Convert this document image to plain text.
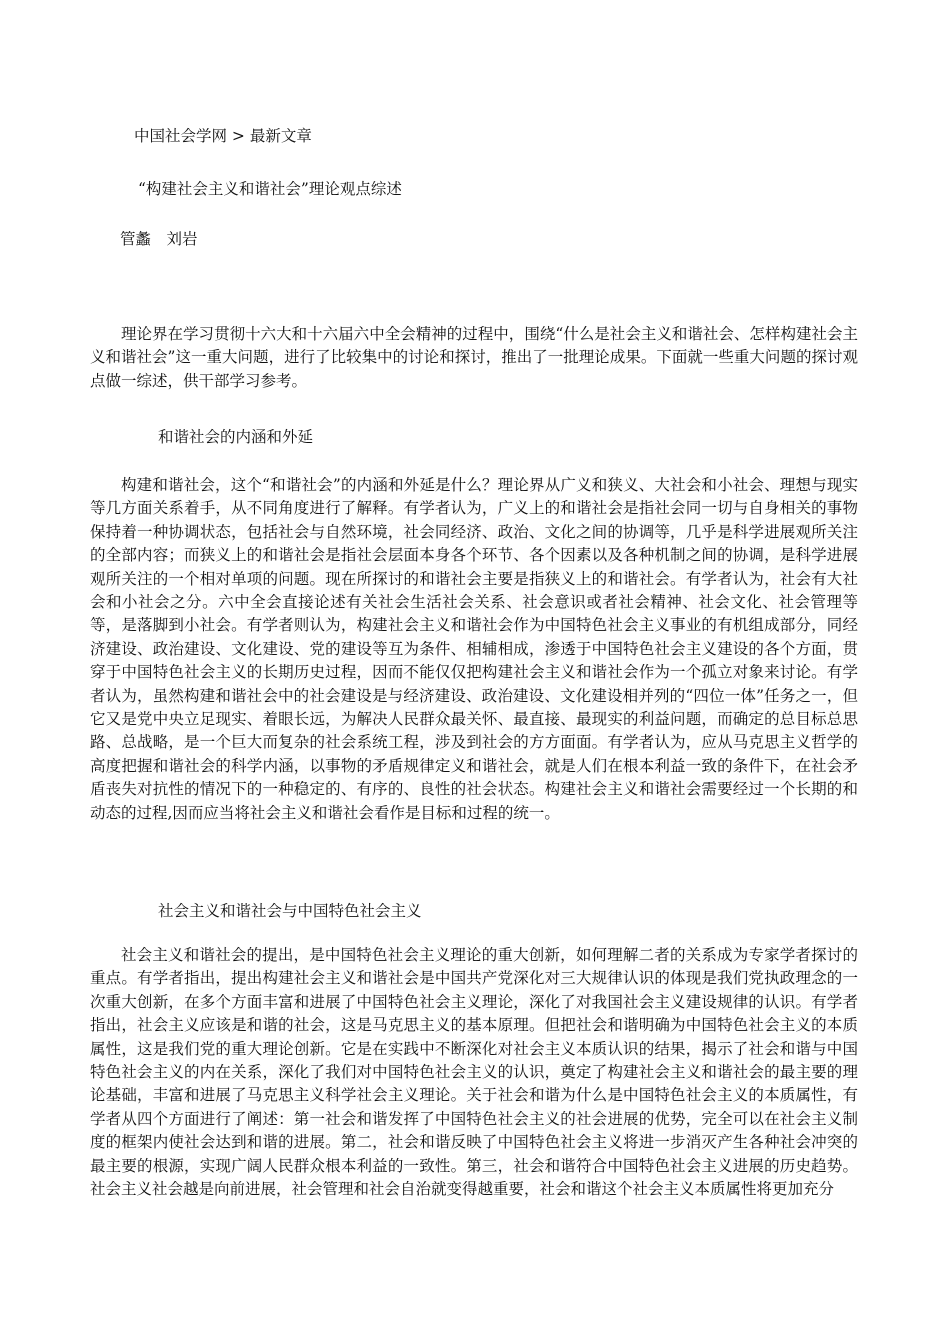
中国社会学网 > 最新文章

“构建社会主义和谐社会”理论观点综述

管蠡　刘岩

理论界在学习贯彻十六大和十六届六中全会精神的过程中，围绕“什么是社会主义和谐社会、怎样构建社会主义和谐社会”这一重大问题，进行了比较集中的讨论和探讨，推出了一批理论成果。下面就一些重大问题的探讨观点做一综述，供干部学习参考。

和谐社会的内涵和外延

构建和谐社会，这个“和谐社会”的内涵和外延是什么？理论界从广义和狭义、大社会和小社会、理想与现实等几方面关系着手，从不同角度进行了解释。有学者认为，广义上的和谐社会是指社会同一切与自身相关的事物保持着一种协调状态，包括社会与自然环境，社会同经济、政治、文化之间的协调等，几乎是科学进展观所关注的全部内容；而狭义上的和谐社会是指社会层面本身各个环节、各个因素以及各种机制之间的协调，是科学进展观所关注的一个相对单项的问题。现在所探讨的和谐社会主要是指狭义上的和谐社会。有学者认为，社会有大社会和小社会之分。六中全会直接论述有关社会生活社会关系、社会意识或者社会精神、社会文化、社会管理等等，是落脚到小社会。有学者则认为，构建社会主义和谐社会作为中国特色社会主义事业的有机组成部分，同经济建设、政治建设、文化建设、党的建设等互为条件、相辅相成，渗透于中国特色社会主义建设的各个方面，贯穿于中国特色社会主义的长期历史过程，因而不能仅仅把构建社会主义和谐社会作为一个孤立对象来讨论。有学者认为，虽然构建和谐社会中的社会建设是与经济建设、政治建设、文化建设相并列的“四位一体”任务之一，但它又是党中央立足现实、着眼长远，为解决人民群众最关怀、最直接、最现实的利益问题，而确定的总目标总思路、总战略，是一个巨大而复杂的社会系统工程，涉及到社会的方方面面。有学者认为，应从马克思主义哲学的高度把握和谐社会的科学内涵，以事物的矛盾规律定义和谐社会，就是人们在根本利益一致的条件下，在社会矛盾丧失对抗性的情况下的一种稳定的、有序的、良性的社会状态。构建社会主义和谐社会需要经过一个长期的和动态的过程,因而应当将社会主义和谐社会看作是目标和过程的统一。

社会主义和谐社会与中国特色社会主义

社会主义和谐社会的提出，是中国特色社会主义理论的重大创新，如何理解二者的关系成为专家学者探讨的重点。有学者指出，提出构建社会主义和谐社会是中国共产党深化对三大规律认识的体现是我们党执政理念的一次重大创新，在多个方面丰富和进展了中国特色社会主义理论，深化了对我国社会主义建设规律的认识。有学者指出，社会主义应该是和谐的社会，这是马克思主义的基本原理。但把社会和谐明确为中国特色社会主义的本质属性，这是我们党的重大理论创新。它是在实践中不断深化对社会主义本质认识的结果，揭示了社会和谐与中国特色社会主义的内在关系，深化了我们对中国特色社会主义的认识，奠定了构建社会主义和谐社会的最主要的理论基础，丰富和进展了马克思主义科学社会主义理论。关于社会和谐为什么是中国特色社会主义的本质属性，有学者从四个方面进行了阐述：第一社会和谐发挥了中国特色社会主义的社会进展的优势，完全可以在社会主义制度的框架内使社会达到和谐的进展。第二，社会和谐反映了中国特色社会主义将进一步消灭产生各种社会冲突的最主要的根源，实现广阔人民群众根本利益的一致性。第三，社会和谐符合中国特色社会主义进展的历史趋势。社会主义社会越是向前进展，社会管理和社会自治就变得越重要，社会和谐这个社会主义本质属性将更加充分
